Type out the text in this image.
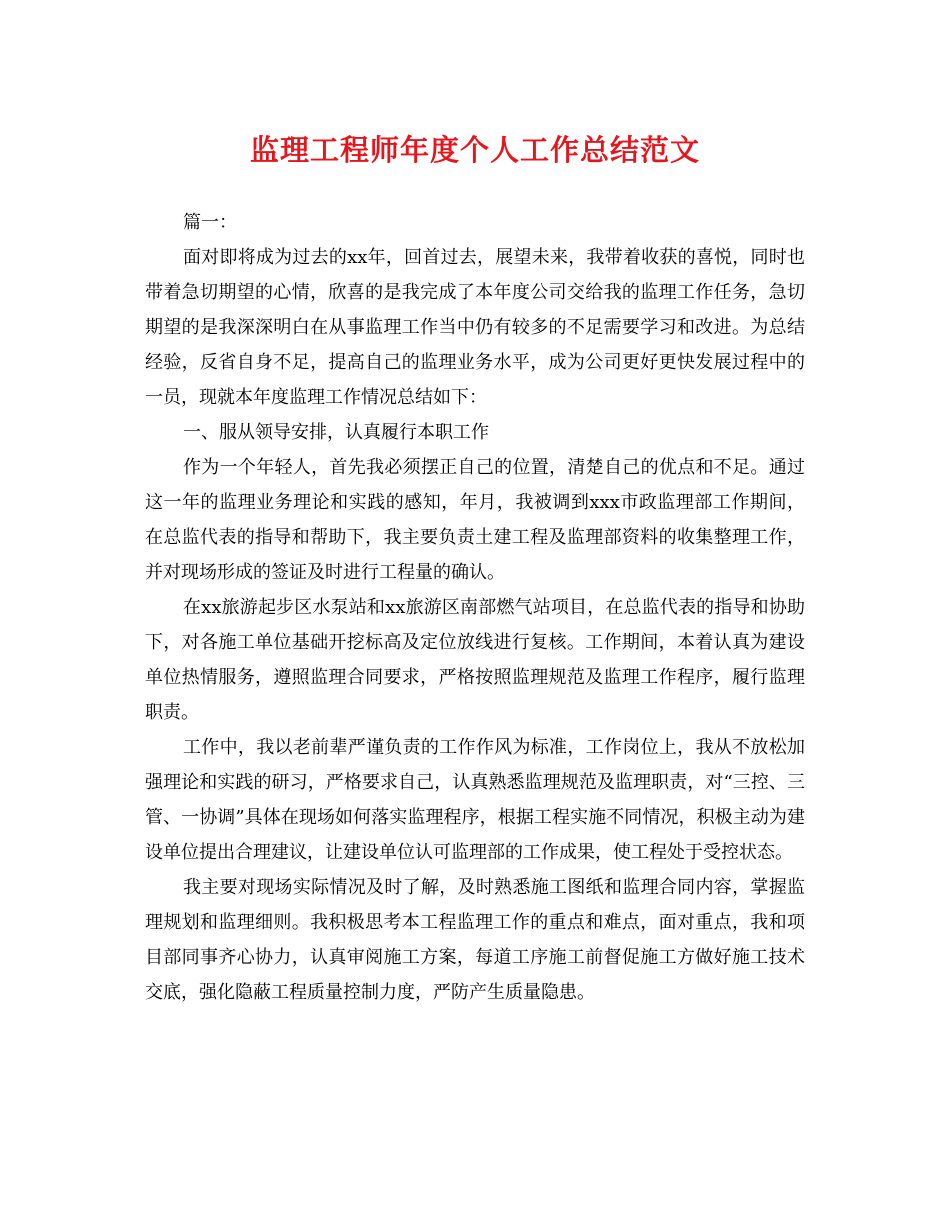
监理工程师年度个人工作总结范文

篇一：

面对即将成为过去的xx年，回首过去，展望未来，我带着收获的喜悦，同时也带着急切期望的心情，欣喜的是我完成了本年度公司交给我的监理工作任务，急切期望的是我深深明白在从事监理工作当中仍有较多的不足需要学习和改进。为总结经验，反省自身不足，提高自己的监理业务水平，成为公司更好更快发展过程中的一员，现就本年度监理工作情况总结如下：

一、服从领导安排，认真履行本职工作

作为一个年轻人，首先我必须摆正自己的位置，清楚自己的优点和不足。通过这一年的监理业务理论和实践的感知，年月，我被调到xxx市政监理部工作期间，在总监代表的指导和帮助下，我主要负责土建工程及监理部资料的收集整理工作，并对现场形成的签证及时进行工程量的确认。

在xx旅游起步区水泵站和xx旅游区南部燃气站项目，在总监代表的指导和协助下，对各施工单位基础开挖标高及定位放线进行复核。工作期间，本着认真为建设单位热情服务，遵照监理合同要求，严格按照监理规范及监理工作程序，履行监理职责。

工作中，我以老前辈严谨负责的工作作风为标准，工作岗位上，我从不放松加强理论和实践的研习，严格要求自己，认真熟悉监理规范及监理职责，对“三控、三管、一协调”具体在现场如何落实监理程序，根据工程实施不同情况，积极主动为建设单位提出合理建议，让建设单位认可监理部的工作成果，使工程处于受控状态。

我主要对现场实际情况及时了解，及时熟悉施工图纸和监理合同内容，掌握监理规划和监理细则。我积极思考本工程监理工作的重点和难点，面对重点，我和项目部同事齐心协力，认真审阅施工方案，每道工序施工前督促施工方做好施工技术交底，强化隐蔽工程质量控制力度，严防产生质量隐患。
